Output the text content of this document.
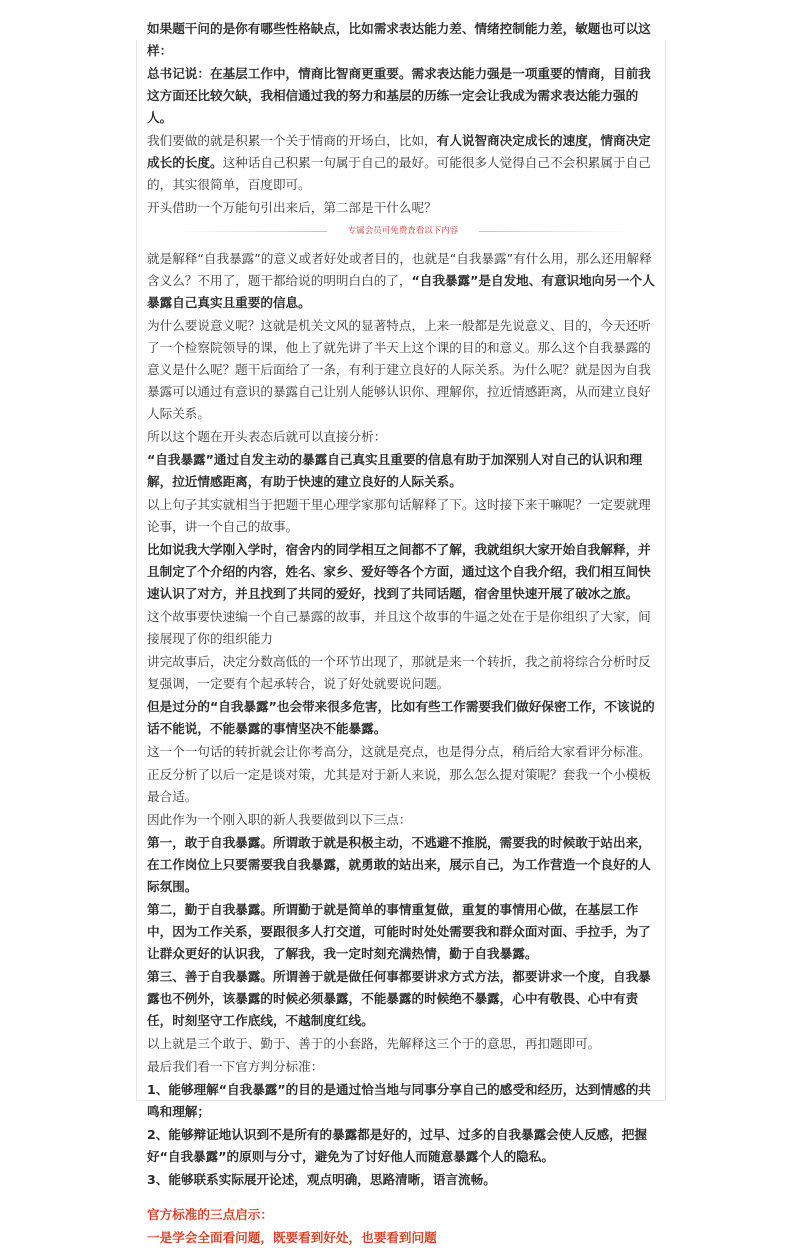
如果题干问的是你有哪些性格缺点，比如需求表达能力差、情绪控制能力差，敏题也可以这样：

总书记说：在基层工作中，情商比智商更重要。需求表达能力强是一项重要的情商，目前我这方面还比较欠缺，我相信通过我的努力和基层的历练一定会让我成为需求表达能力强的人。

我们要做的就是积累一个关于情商的开场白，比如，有人说智商决定成长的速度，情商决定成长的长度。这种话自己积累一句属于自己的最好。可能很多人觉得自己不会积累属于自己的，其实很简单，百度即可。

开头借助一个万能句引出来后，第二部是干什么呢？

专属会员可免费查看以下内容

就是解释“自我暴露”的意义或者好处或者目的，也就是“自我暴露”有什么用，那么还用解释含义么？不用了，题干都给说的明明白白的了，“自我暴露”是自发地、有意识地向另一个人暴露自己真实且重要的信息。

为什么要说意义呢？这就是机关文风的显著特点，上来一般都是先说意义、目的，今天还听了一个检察院领导的课，他上了就先讲了半天上这个课的目的和意义。那么这个自我暴露的意义是什么呢？题干后面给了一条，有利于建立良好的人际关系。为什么呢？就是因为自我暴露可以通过有意识的暴露自己让别人能够认识你、理解你，拉近情感距离，从而建立良好人际关系。

所以这个题在开头表态后就可以直接分析：

“自我暴露”通过自发主动的暴露自己真实且重要的信息有助于加深别人对自己的认识和理解，拉近情感距离，有助于快速的建立良好的人际关系。

以上句子其实就相当于把题干里心理学家那句话解释了下。这时接下来干嘛呢？一定要就理论事，讲一个自己的故事。

比如说我大学刚入学时，宿舍内的同学相互之间都不了解，我就组织大家开始自我解释，并且制定了个介绍的内容，姓名、家乡、爱好等各个方面，通过这个自我介绍，我们相互间快速认识了对方，并且找到了共同的爱好，找到了共同话题，宿舍里快速开展了破冰之旅。

这个故事要快速编一个自己暴露的故事，并且这个故事的牛逼之处在于是你组织了大家，间接展现了你的组织能力

讲完故事后，决定分数高低的一个环节出现了，那就是来一个转折，我之前将综合分析时反复强调，一定要有个起承转合，说了好处就要说问题。

但是过分的“自我暴露”也会带来很多危害，比如有些工作需要我们做好保密工作，不该说的话不能说，不能暴露的事情坚决不能暴露。

这一个一句话的转折就会让你考高分，这就是亮点，也是得分点，稍后给大家看评分标准。

正反分析了以后一定是谈对策，尤其是对于新人来说，那么怎么提对策呢？套我一个小模板最合适。

因此作为一个刚入职的新人我要做到以下三点：

第一，敢于自我暴露。所谓敢于就是积极主动，不逃避不推脱，需要我的时候敢于站出来，在工作岗位上只要需要我自我暴露，就勇敢的站出来，展示自己，为工作营造一个良好的人际氛围。

第二，勤于自我暴露。所谓勤于就是简单的事情重复做，重复的事情用心做，在基层工作中，因为工作关系，要跟很多人打交道，可能时时处处需要我和群众面对面、手拉手，为了让群众更好的认识我，了解我，我一定时刻充满热情，勤于自我暴露。

第三、善于自我暴露。所谓善于就是做任何事都要讲求方式方法，都要讲求一个度，自我暴露也不例外，该暴露的时候必须暴露，不能暴露的时候绝不暴露，心中有敬畏、心中有责任，时刻坚守工作底线，不越制度红线。

以上就是三个敢于、勤于、善于的小套路，先解释这三个于的意思，再扣题即可。

最后我们看一下官方判分标准：

1、能够理解“自我暴露”的目的是通过恰当地与同事分享自己的感受和经历，达到情感的共鸣和理解；

2、能够辩证地认识到不是所有的暴露都是好的，过早、过多的自我暴露会使人反感，把握好“自我暴露”的原则与分寸，避免为了讨好他人而随意暴露个人的隐私。

3、能够联系实际展开论述，观点明确，思路清晰，语言流畅。

官方标准的三点启示：

一是学会全面看问题，既要看到好处，也要看到问题
